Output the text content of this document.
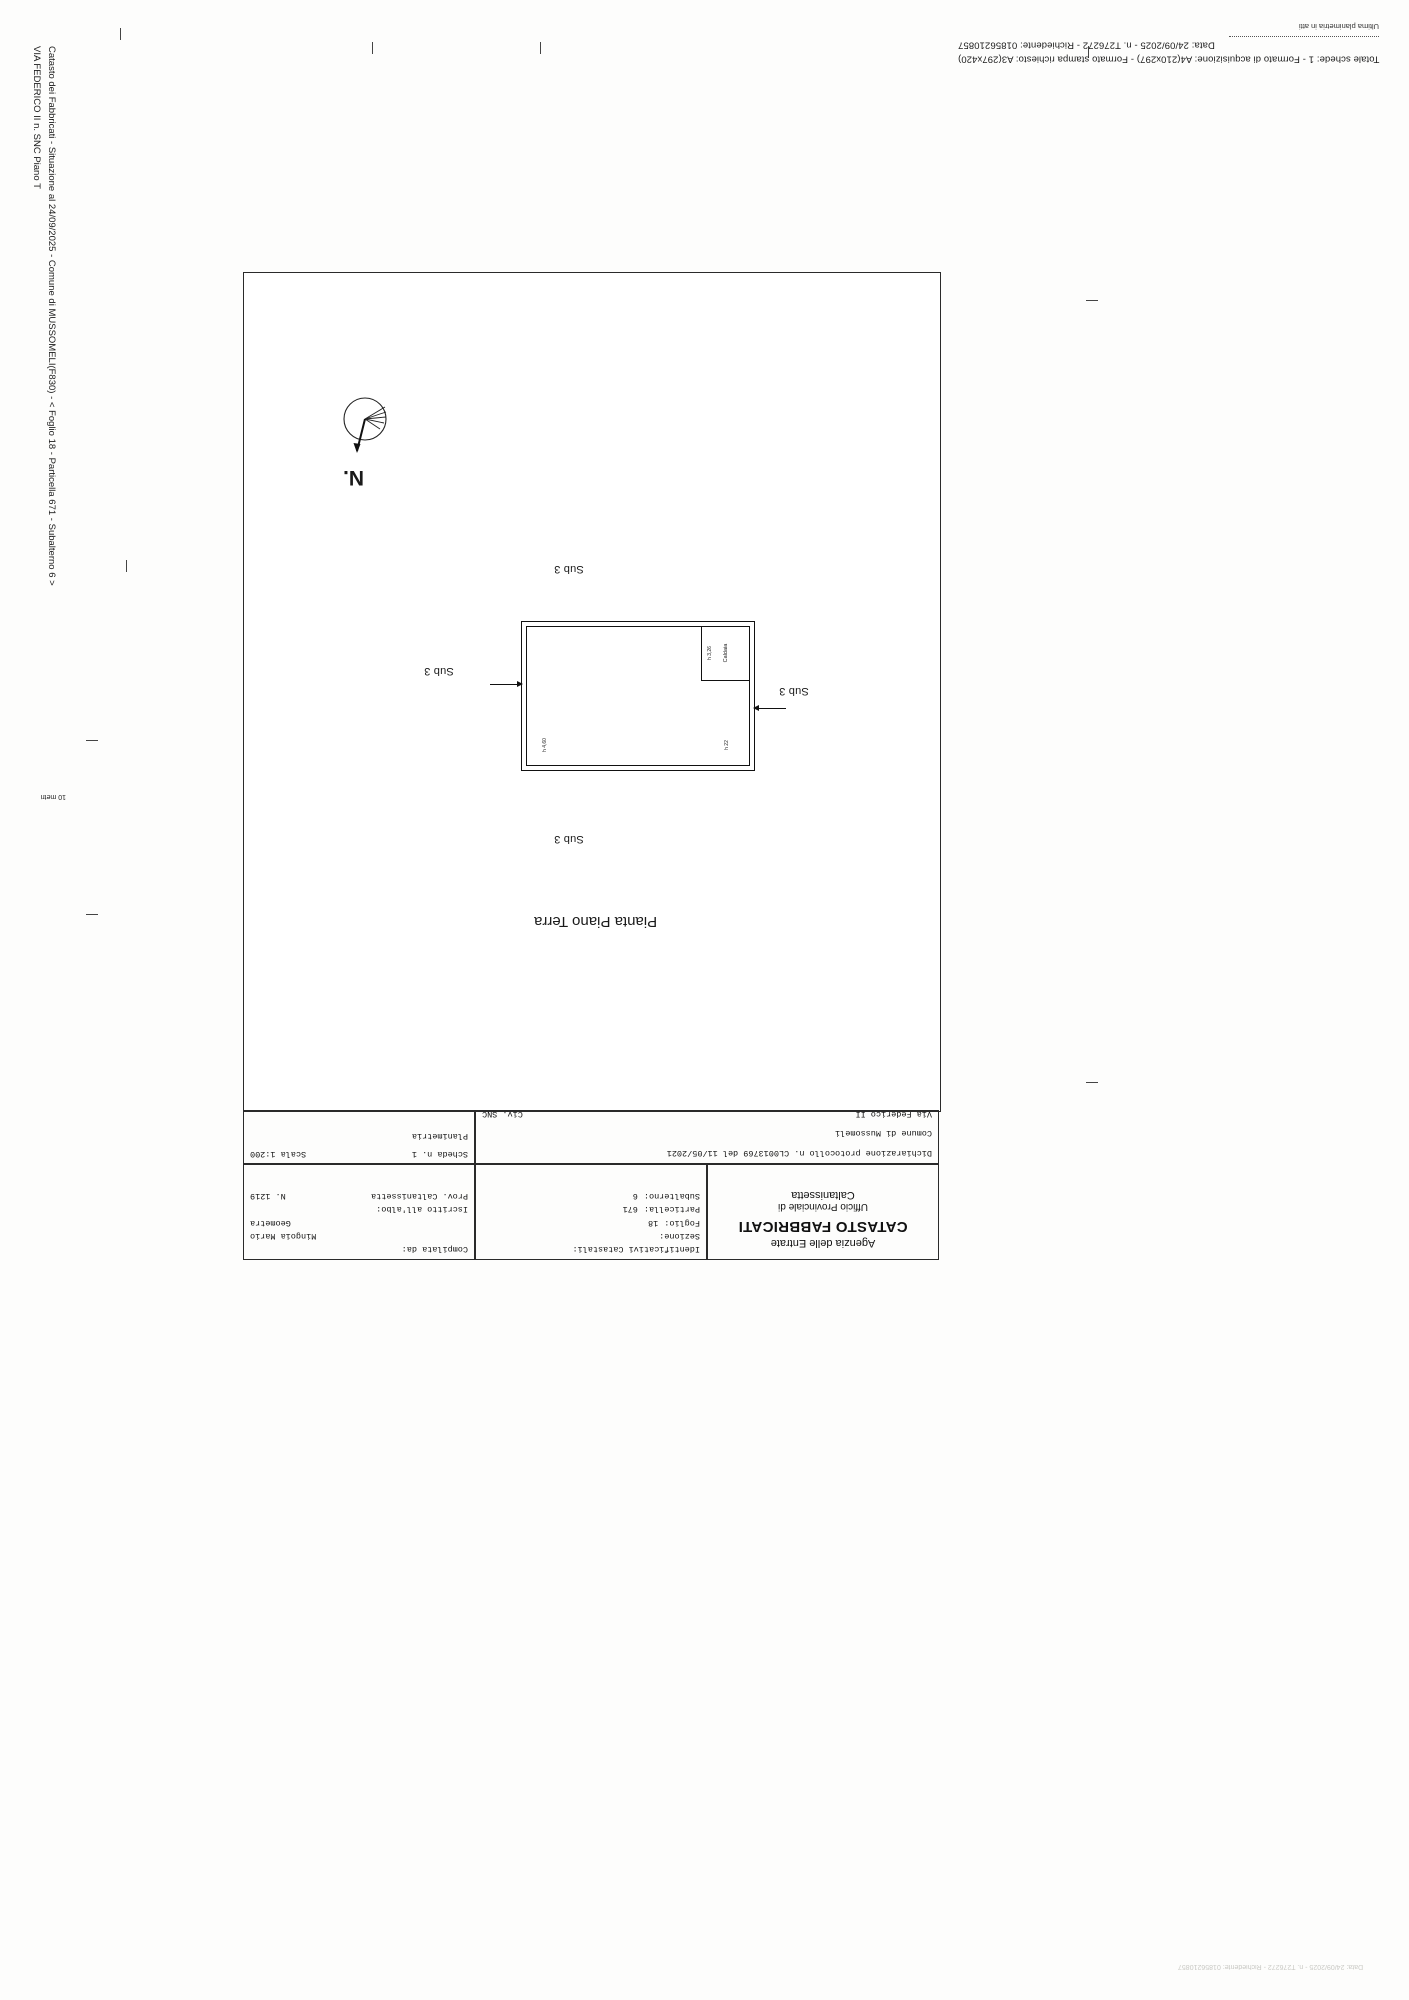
Ultima planimetria in atti
Totale schede: 1 - Formato di acquisizione: A4(210x297) - Formato stampa richiesto: A3(297x420)
Data: 24/09/2025 - n. T276272 - Richiedente: 01856210857
Catasto dei Fabbricati - Situazione al 24/09/2025 - Comune di MUSSOMELI(F830) - < Foglio 18 - Particella 671 - Subalterno 6 >
VIA FEDERICO II n. SNC Piano T
10 metri
N.
Sub 3
Sub 3
Sub 3
Sub 3
Caldaia
h 3,26
h 4,60	h 22
Pianta Piano Terra
Agenzia delle Entrate
CATASTO FABBRICATI
Ufficio Provinciale di
Caltanissetta
Identificativi Catastali:
Sezione:
Foglio:
18
Particella:
671
Subalterno:
6
Compilata da:
Mingoia Mario
Geometra
Iscritto all'albo:
Prov. Caltanissetta
N. 1219
Dichiarazione protocollo n. CL0013769 del 11/05/2021
Comune di Mussomeli
Via Federico II
Civ. SNC
Scheda n. 1
Scala 1:200
Planimetria
Data: 24/09/2025 - n. T276272 - Richiedente: 01856210857
